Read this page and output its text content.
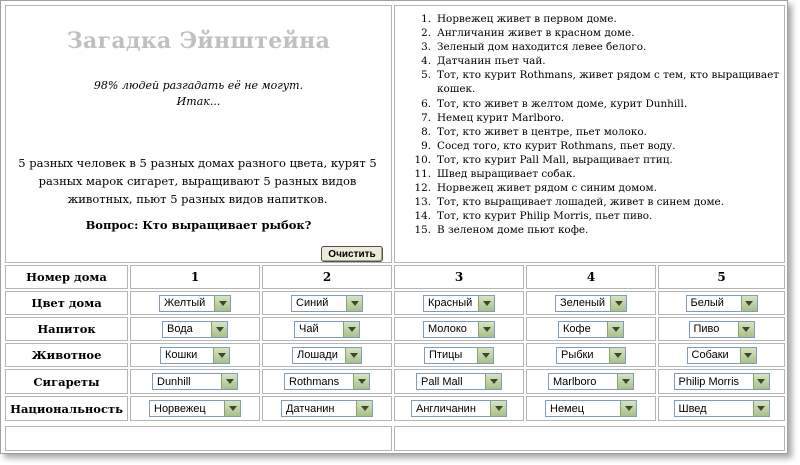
Загадка Эйнштейна
98% людей разгадать её не могут.
Итак...
5 разных человек в 5 разных домах разного цвета, курят 5 разных марок сигарет, выращивают 5 разных видов животных, пьют 5 разных видов напитков.
Вопрос: Кто выращивает рыбок?
Очистить
1. Норвежец живет в первом доме.
2. Англичанин живет в красном доме.
3. Зеленый дом находится левее белого.
4. Датчанин пьет чай.
5. Тот, кто курит Rothmans, живет рядом с тем, кто выращивает кошек.
6. Тот, кто живет в желтом доме, курит Dunhill.
7. Немец курит Marlboro.
8. Тот, кто живет в центре, пьет молоко.
9. Сосед того, кто курит Rothmans, пьет воду.
10. Тот, кто курит Pall Mall, выращивает птиц.
11. Швед выращивает собак.
12. Норвежец живет рядом с синим домом.
13. Тот, кто выращивает лошадей, живет в синем доме.
14. Тот, кто курит Philip Morris, пьет пиво.
15. В зеленом доме пьют кофе.
Номер дома	1	2	3	4	5
Цвет дома	Желтый	Синий	Красный	Зеленый	Белый
Напиток	Вода	Чай	Молоко	Кофе	Пиво
Животное	Кошки	Лошади	Птицы	Рыбки	Собаки
Сигареты	Dunhill	Rothmans	Pall Mall	Marlboro	Philip Morris
Национальность	Норвежец	Датчанин	Англичанин	Немец	Швед
